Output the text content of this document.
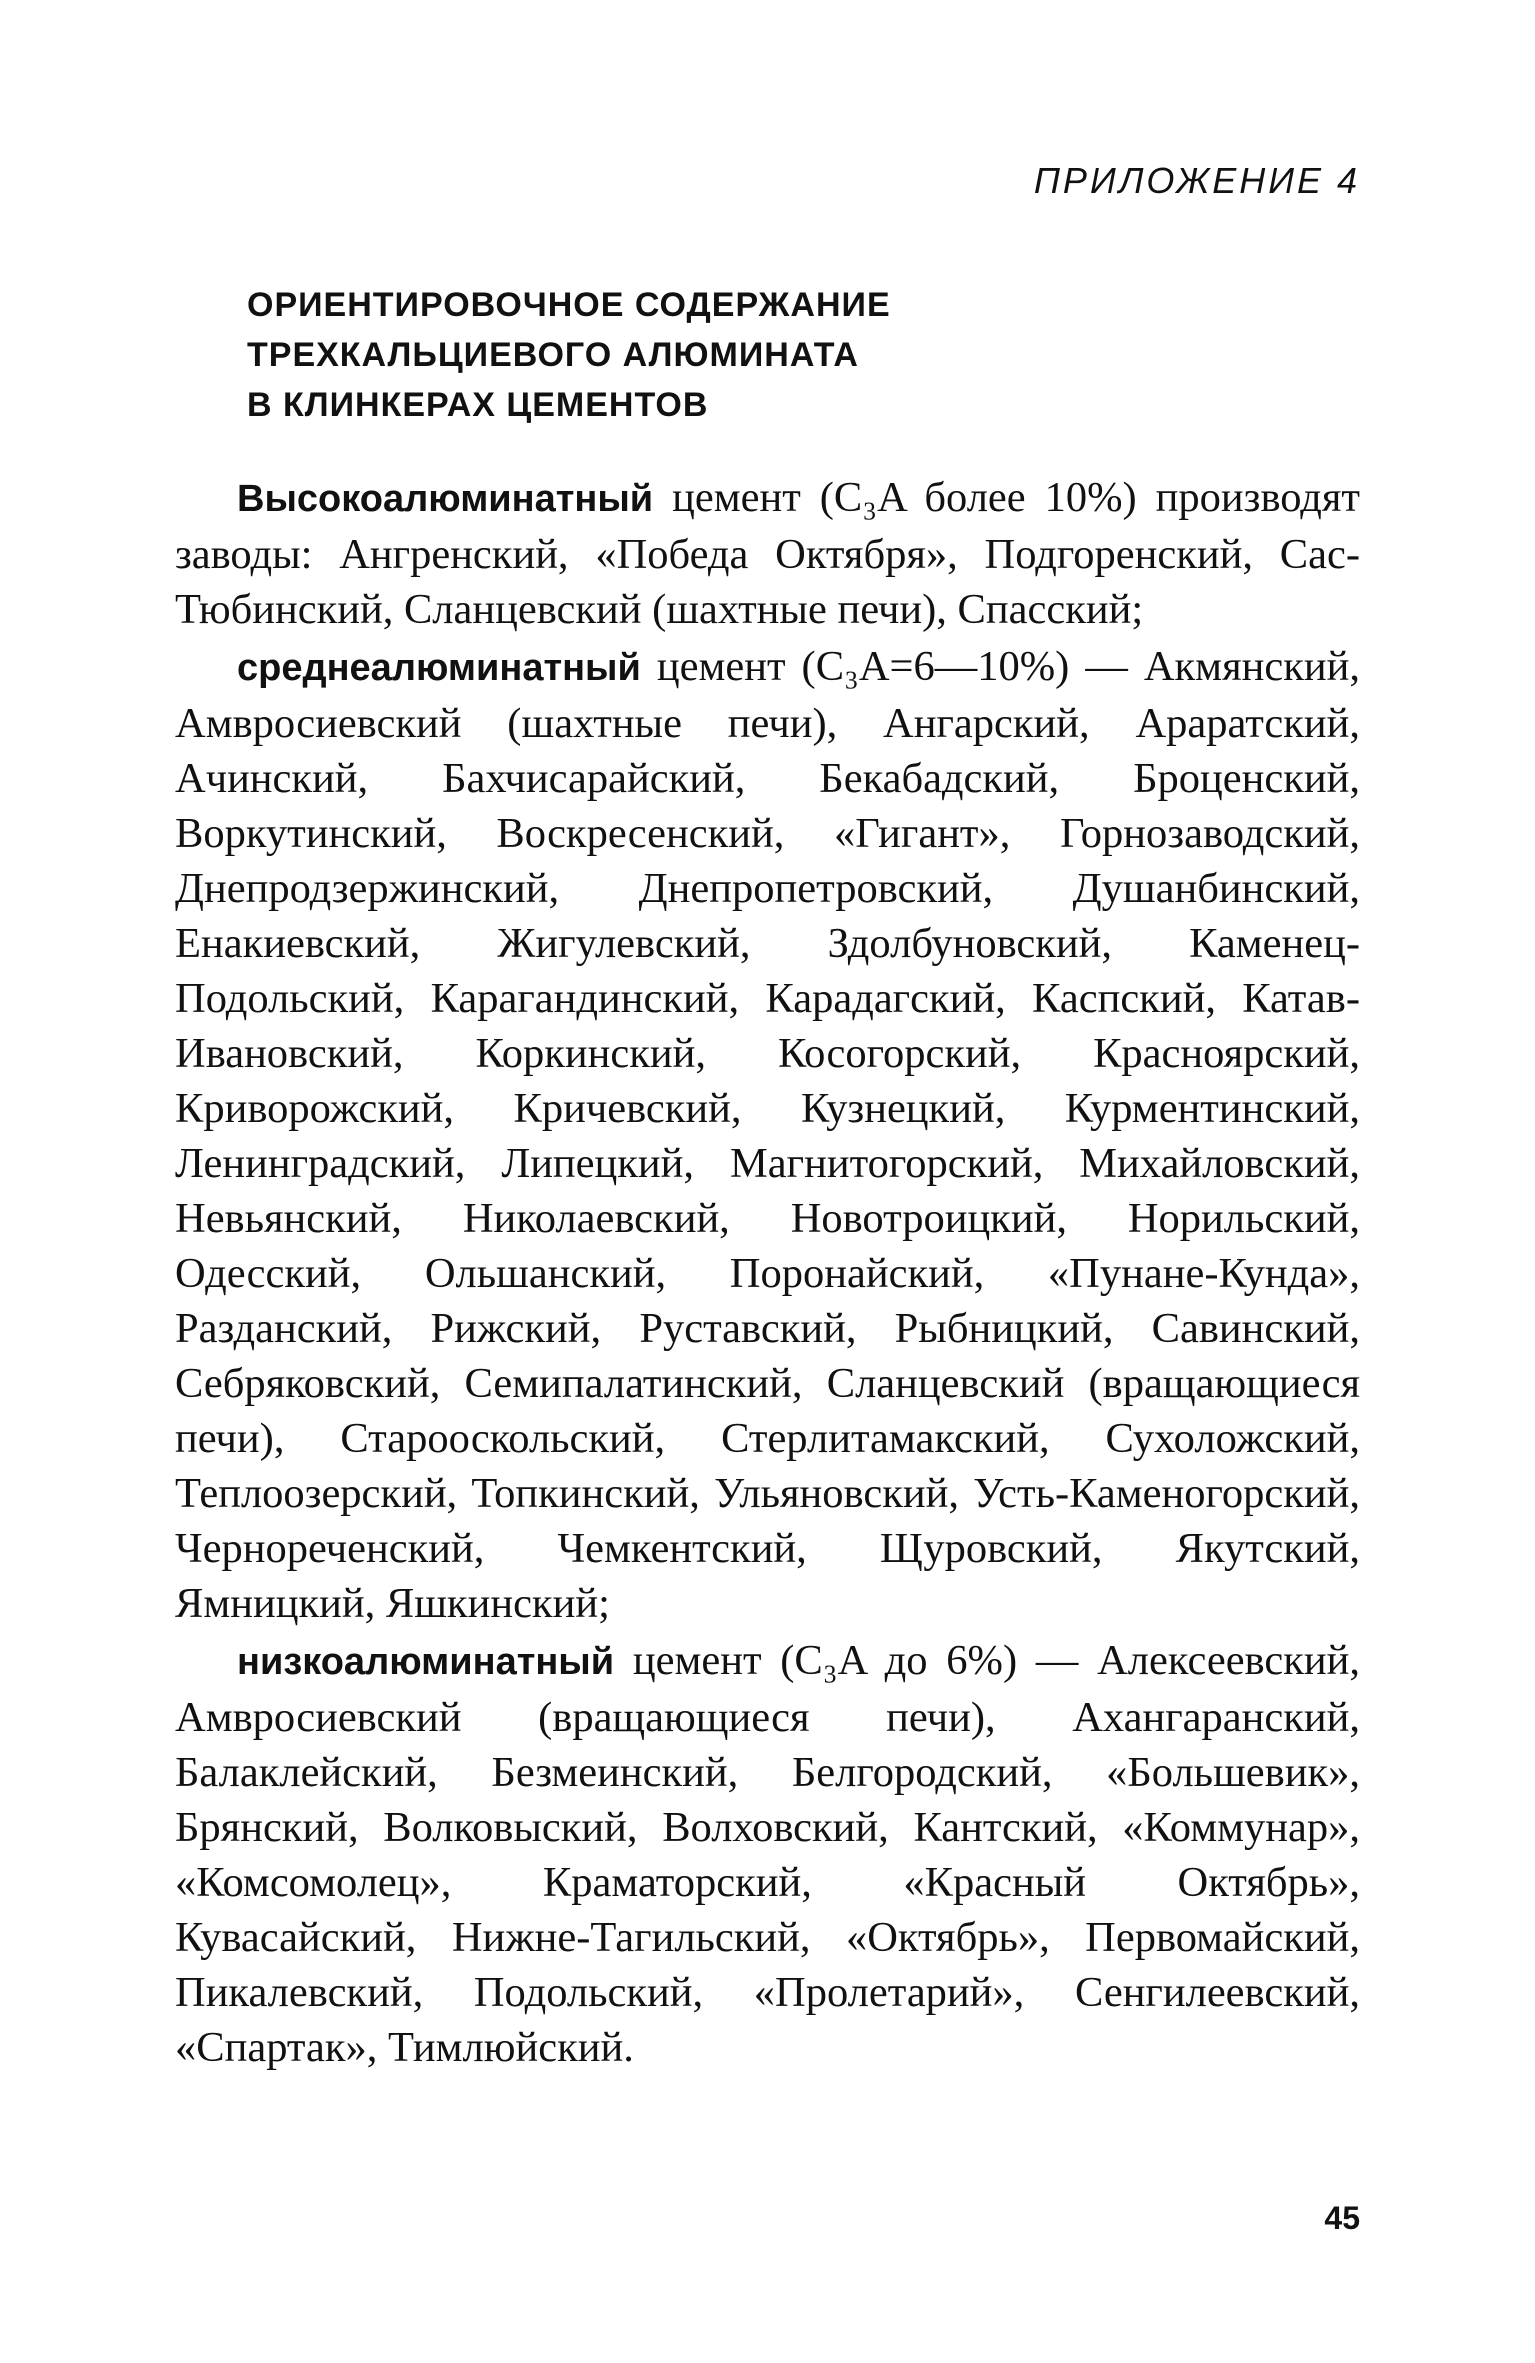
ПРИЛОЖЕНИЕ 4
ОРИЕНТИРОВОЧНОЕ СОДЕРЖАНИЕ
ТРЕХКАЛЬЦИЕВОГО АЛЮМИНАТА
В КЛИНКЕРАХ ЦЕМЕНТОВ

Высокоалюминатный цемент (C₃A более 10%) производят заводы: Ангренский, «Победа Октября», Подгоренский, Сас-Тюбинский, Сланцевский (шахтные печи), Спасский;

среднеалюминатный цемент (C₃A=6—10%) — Акмянский, Амвросиевский (шахтные печи), Ангарский, Араратский, Ачинский, Бахчисарайский, Бекабадский, Броценский, Воркутинский, Воскресенский, «Гигант», Горнозаводский, Днепродзержинский, Днепропетровский, Душанбинский, Енакиевский, Жигулевский, Здолбуновский, Каменец-Подольский, Карагандинский, Карадагский, Каспский, Катав-Ивановский, Коркинский, Косогорский, Красноярский, Криворожский, Кричевский, Кузнецкий, Курментинский, Ленинградский, Липецкий, Магнитогорский, Михайловский, Невьянский, Николаевский, Новотроицкий, Норильский, Одесский, Ольшанский, Поронайский, «Пунане-Кунда», Разданский, Рижский, Руставский, Рыбницкий, Савинский, Себряковский, Семипалатинский, Сланцевский (вращающиеся печи), Старооскольский, Стерлитамакский, Сухоложский, Теплоозерский, Топкинский, Ульяновский, Усть-Каменогорский, Чернореченский, Чемкентский, Щуровский, Якутский, Ямницкий, Яшкинский;

низкоалюминатный цемент (C₃A до 6%) — Алексеевский, Амвросиевский (вращающиеся печи), Ахангаранский, Балаклейский, Безмеинский, Белгородский, «Большевик», Брянский, Волковыский, Волховский, Кантский, «Коммунар», «Комсомолец», Краматорский, «Красный Октябрь», Кувасайский, Нижне-Тагильский, «Октябрь», Первомайский, Пикалевский, Подольский, «Пролетарий», Сенгилеевский, «Спартак», Тимлюйский.

45
